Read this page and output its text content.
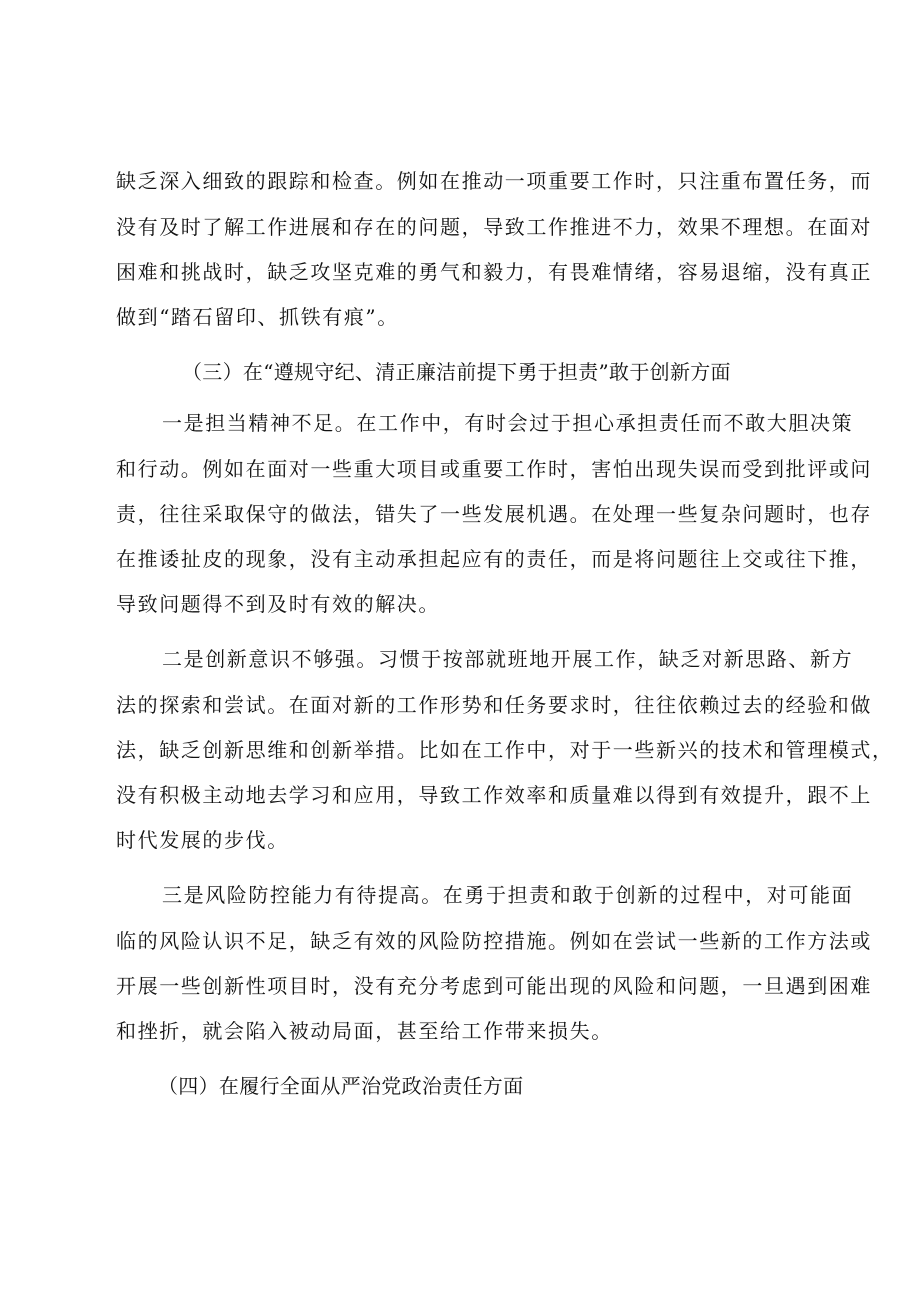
缺乏深入细致的跟踪和检查。例如在推动一项重要工作时，只注重布置任务，而
没有及时了解工作进展和存在的问题，导致工作推进不力，效果不理想。在面对
困难和挑战时，缺乏攻坚克难的勇气和毅力，有畏难情绪，容易退缩，没有真正
做到“踏石留印、抓铁有痕”。
（三）在“遵规守纪、清正廉洁前提下勇于担责”敢于创新方面
一是担当精神不足。在工作中，有时会过于担心承担责任而不敢大胆决策
和行动。例如在面对一些重大项目或重要工作时，害怕出现失误而受到批评或问
责，往往采取保守的做法，错失了一些发展机遇。在处理一些复杂问题时，也存
在推诿扯皮的现象，没有主动承担起应有的责任，而是将问题往上交或往下推，
导致问题得不到及时有效的解决。
二是创新意识不够强。习惯于按部就班地开展工作，缺乏对新思路、新方
法的探索和尝试。在面对新的工作形势和任务要求时，往往依赖过去的经验和做
法，缺乏创新思维和创新举措。比如在工作中，对于一些新兴的技术和管理模式，
没有积极主动地去学习和应用，导致工作效率和质量难以得到有效提升，跟不上
时代发展的步伐。
三是风险防控能力有待提高。在勇于担责和敢于创新的过程中，对可能面
临的风险认识不足，缺乏有效的风险防控措施。例如在尝试一些新的工作方法或
开展一些创新性项目时，没有充分考虑到可能出现的风险和问题，一旦遇到困难
和挫折，就会陷入被动局面，甚至给工作带来损失。
（四）在履行全面从严治党政治责任方面
